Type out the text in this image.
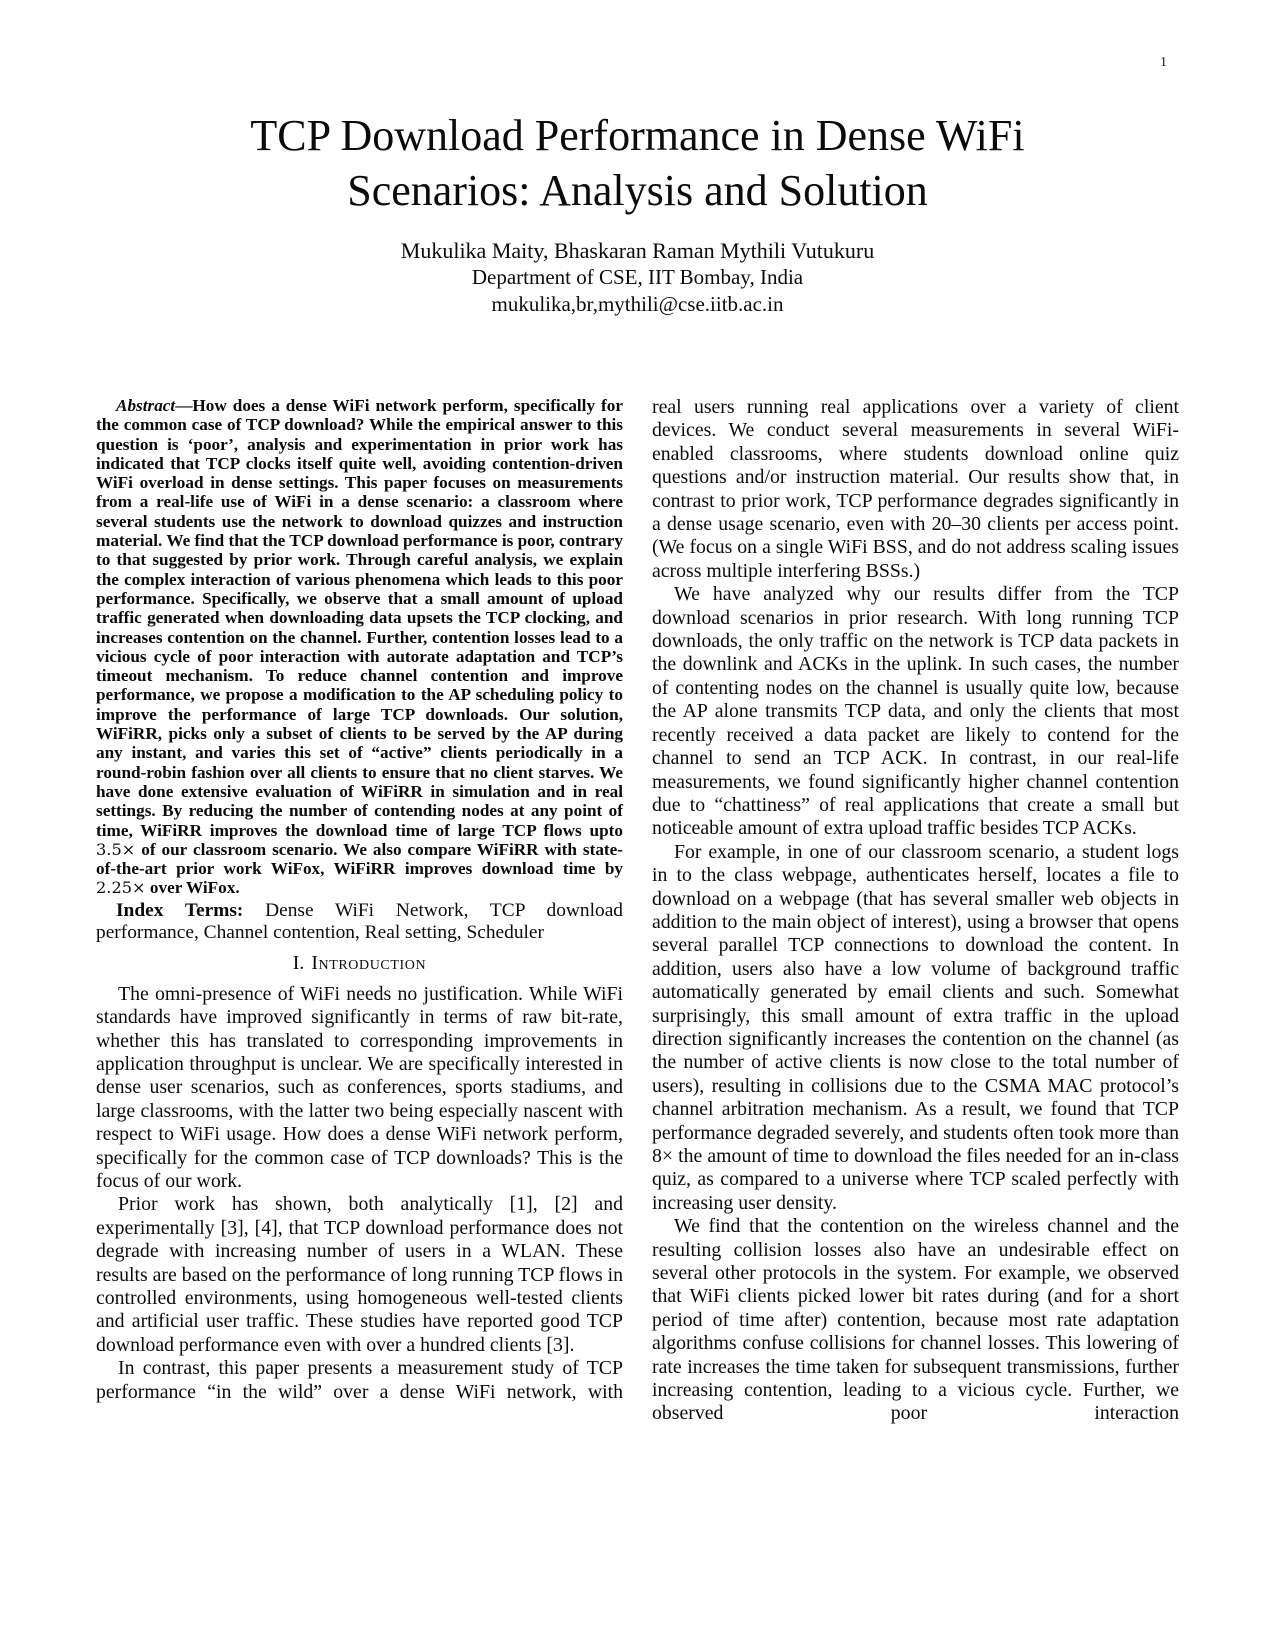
1
TCP Download Performance in Dense WiFi
Scenarios: Analysis and Solution

Mukulika Maity, Bhaskaran Raman Mythili Vutukuru

Department of CSE, IIT Bombay, India

mukulika,br,mythili@cse.iitb.ac.in

Abstract—How does a dense WiFi network perform, specifically for the common case of TCP download? While the empirical answer to this question is ‘poor’, analysis and experimentation in prior work has indicated that TCP clocks itself quite well, avoiding contention-driven WiFi overload in dense settings. This paper focuses on measurements from a real-life use of WiFi in a dense scenario: a classroom where several students use the network to download quizzes and instruction material. We find that the TCP download performance is poor, contrary to that suggested by prior work. Through careful analysis, we explain the complex interaction of various phenomena which leads to this poor performance. Specifically, we observe that a small amount of upload traffic generated when downloading data upsets the TCP clocking, and increases contention on the channel. Further, contention losses lead to a vicious cycle of poor interaction with autorate adaptation and TCP’s timeout mechanism. To reduce channel contention and improve performance, we propose a modification to the AP scheduling policy to improve the performance of large TCP downloads. Our solution, WiFiRR, picks only a subset of clients to be served by the AP during any instant, and varies this set of “active” clients periodically in a round-robin fashion over all clients to ensure that no client starves. We have done extensive evaluation of WiFiRR in simulation and in real settings. By reducing the number of contending nodes at any point of time, WiFiRR improves the download time of large TCP flows upto 3.5× of our classroom scenario. We also compare WiFiRR with state-of-the-art prior work WiFox, WiFiRR improves download time by 2.25× over WiFox.

Index Terms: Dense WiFi Network, TCP download performance, Channel contention, Real setting, Scheduler

I. Introduction

The omni-presence of WiFi needs no justification. While WiFi standards have improved significantly in terms of raw bit-rate, whether this has translated to corresponding improvements in application throughput is unclear. We are specifically interested in dense user scenarios, such as conferences, sports stadiums, and large classrooms, with the latter two being especially nascent with respect to WiFi usage. How does a dense WiFi network perform, specifically for the common case of TCP downloads? This is the focus of our work.

Prior work has shown, both analytically [1], [2] and experimentally [3], [4], that TCP download performance does not degrade with increasing number of users in a WLAN. These results are based on the performance of long running TCP flows in controlled environments, using homogeneous well-tested clients and artificial user traffic. These studies have reported good TCP download performance even with over a hundred clients [3].

In contrast, this paper presents a measurement study of TCP performance “in the wild” over a dense WiFi network, with

real users running real applications over a variety of client devices. We conduct several measurements in several WiFi-enabled classrooms, where students download online quiz questions and/or instruction material. Our results show that, in contrast to prior work, TCP performance degrades significantly in a dense usage scenario, even with 20–30 clients per access point. (We focus on a single WiFi BSS, and do not address scaling issues across multiple interfering BSSs.)

We have analyzed why our results differ from the TCP download scenarios in prior research. With long running TCP downloads, the only traffic on the network is TCP data packets in the downlink and ACKs in the uplink. In such cases, the number of contenting nodes on the channel is usually quite low, because the AP alone transmits TCP data, and only the clients that most recently received a data packet are likely to contend for the channel to send an TCP ACK. In contrast, in our real-life measurements, we found significantly higher channel contention due to “chattiness” of real applications that create a small but noticeable amount of extra upload traffic besides TCP ACKs.

For example, in one of our classroom scenario, a student logs in to the class webpage, authenticates herself, locates a file to download on a webpage (that has several smaller web objects in addition to the main object of interest), using a browser that opens several parallel TCP connections to download the content. In addition, users also have a low volume of background traffic automatically generated by email clients and such. Somewhat surprisingly, this small amount of extra traffic in the upload direction significantly increases the contention on the channel (as the number of active clients is now close to the total number of users), resulting in collisions due to the CSMA MAC protocol’s channel arbitration mechanism. As a result, we found that TCP performance degraded severely, and students often took more than 8× the amount of time to download the files needed for an in-class quiz, as compared to a universe where TCP scaled perfectly with increasing user density.

We find that the contention on the wireless channel and the resulting collision losses also have an undesirable effect on several other protocols in the system. For example, we observed that WiFi clients picked lower bit rates during (and for a short period of time after) contention, because most rate adaptation algorithms confuse collisions for channel losses. This lowering of rate increases the time taken for subsequent transmissions, further increasing contention, leading to a vicious cycle. Further, we observed poor interaction
